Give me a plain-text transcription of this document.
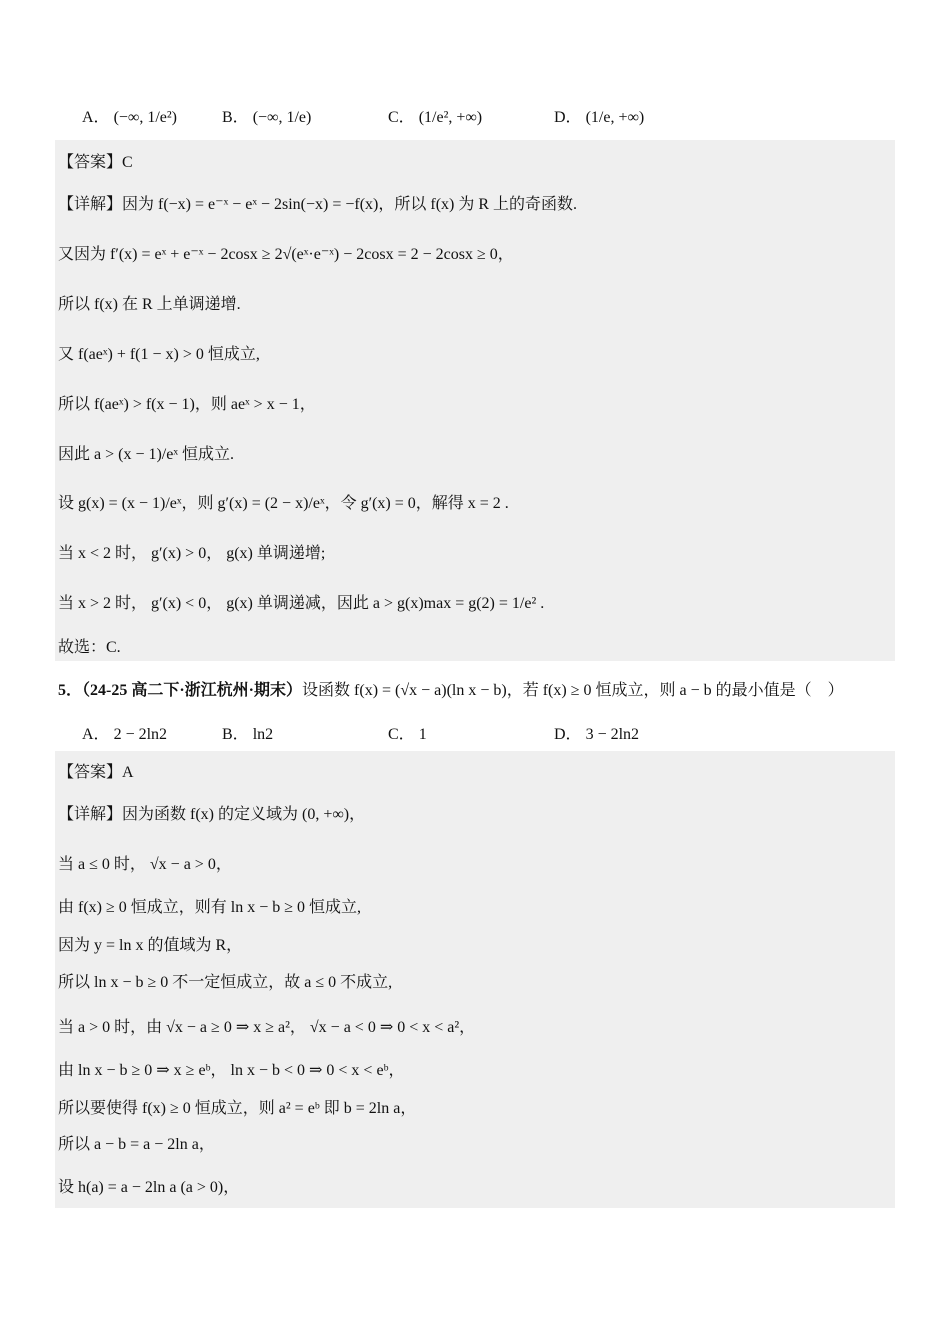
A． (−∞, 1/e²)	B． (−∞, 1/e)	C． (1/e², +∞)	D． (1/e, +∞)
【答案】C
【详解】因为 f(−x) = e⁻ˣ − eˣ − 2sin(−x) = −f(x)，所以 f(x) 为 R 上的奇函数.
又因为 f′(x) = eˣ + e⁻ˣ − 2cosx ≥ 2√(eˣ·e⁻ˣ) − 2cosx = 2 − 2cosx ≥ 0，
所以 f(x) 在 R 上单调递增.
又 f(aeˣ) + f(1 − x) > 0 恒成立,
所以 f(aeˣ) > f(x − 1)，则 aeˣ > x − 1，
因此 a > (x − 1)/eˣ 恒成立.
设 g(x) = (x − 1)/eˣ，则 g′(x) = (2 − x)/eˣ，令 g′(x) = 0，解得 x = 2 .
当 x < 2 时， g′(x) > 0， g(x) 单调递增;
当 x > 2 时， g′(x) < 0， g(x) 单调递减，因此 a > g(x)max = g(2) = 1/e² .
故选：C.
5．（24-25 高二下·浙江杭州·期末）设函数 f(x) = (√x − a)(ln x − b)，若 f(x) ≥ 0 恒成立，则 a − b 的最小值是（　）
A． 2 − 2ln2	B． ln2	C． 1	D． 3 − 2ln2
【答案】A
【详解】因为函数 f(x) 的定义域为 (0, +∞)，
当 a ≤ 0 时， √x − a > 0，
由 f(x) ≥ 0 恒成立，则有 ln x − b ≥ 0 恒成立,
因为 y = ln x 的值域为 R，
所以 ln x − b ≥ 0 不一定恒成立，故 a ≤ 0 不成立,
当 a > 0 时，由 √x − a ≥ 0 ⇒ x ≥ a²， √x − a < 0 ⇒ 0 < x < a²，
由 ln x − b ≥ 0 ⇒ x ≥ eᵇ， ln x − b < 0 ⇒ 0 < x < eᵇ，
所以要使得 f(x) ≥ 0 恒成立，则 a² = eᵇ 即 b = 2ln a，
所以 a − b = a − 2ln a，
设 h(a) = a − 2ln a (a > 0)，
